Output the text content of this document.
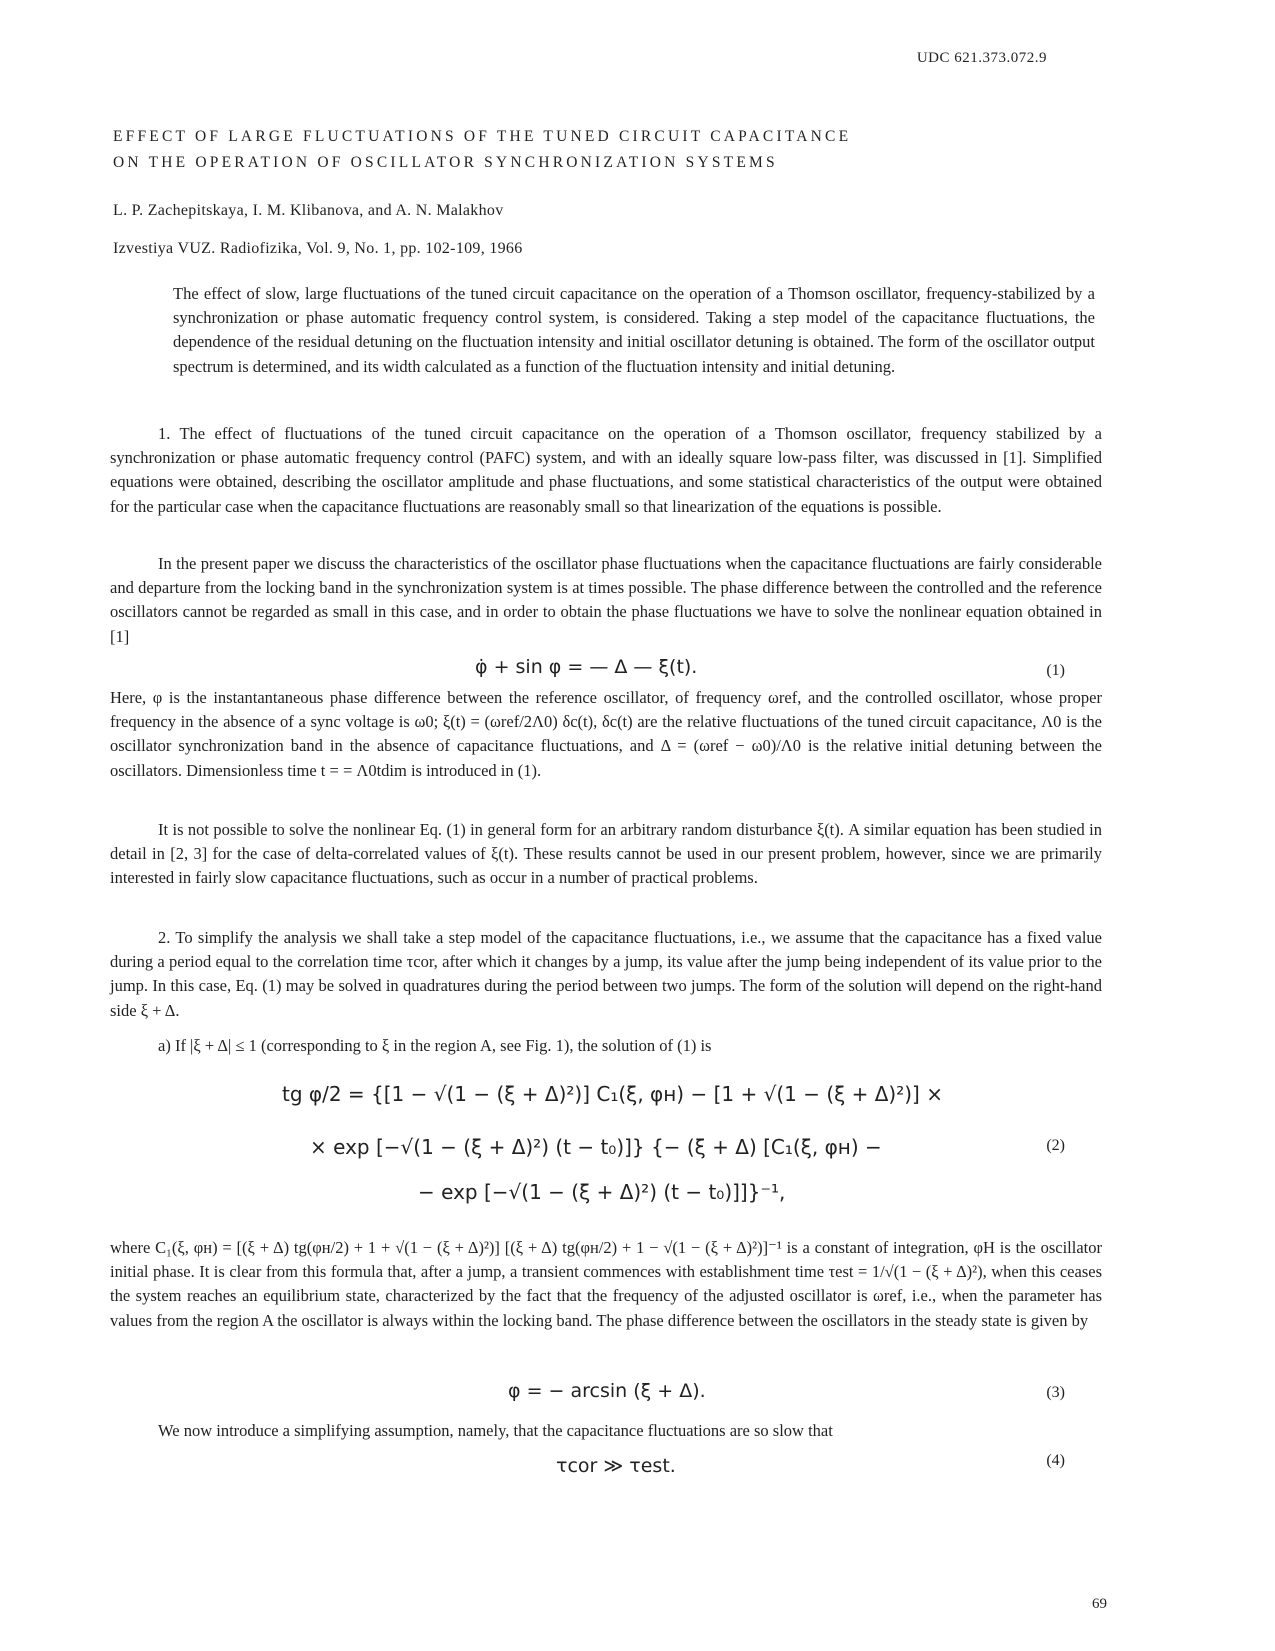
UDC 621.373.072.9
EFFECT OF LARGE FLUCTUATIONS OF THE TUNED CIRCUIT CAPACITANCE
ON THE OPERATION OF OSCILLATOR SYNCHRONIZATION SYSTEMS
L. P. Zachepitskaya, I. M. Klibanova, and A. N. Malakhov
Izvestiya VUZ. Radiofizika, Vol. 9, No. 1, pp. 102-109, 1966

The effect of slow, large fluctuations of the tuned circuit capacitance on the operation of a Thomson oscillator, frequency-stabilized by a synchronization or phase automatic frequency control system, is considered. Taking a step model of the capacitance fluctuations, the dependence of the residual detuning on the fluctuation intensity and initial oscillator detuning is obtained. The form of the oscillator output spectrum is determined, and its width calculated as a function of the fluctuation intensity and initial detuning.

1. The effect of fluctuations of the tuned circuit capacitance on the operation of a Thomson oscillator, frequency stabilized by a synchronization or phase automatic frequency control (PAFC) system, and with an ideally square low-pass filter, was discussed in [1]. Simplified equations were obtained, describing the oscillator amplitude and phase fluctuations, and some statistical characteristics of the output were obtained for the particular case when the capacitance fluctuations are reasonably small so that linearization of the equations is possible.

In the present paper we discuss the characteristics of the oscillator phase fluctuations when the capacitance fluctuations are fairly considerable and departure from the locking band in the synchronization system is at times possible. The phase difference between the controlled and the reference oscillators cannot be regarded as small in this case, and in order to obtain the phase fluctuations we have to solve the nonlinear equation obtained in [1]

φ̇ + sin φ = — Δ — ξ(t).	(1)

Here, φ is the instantantaneous phase difference between the reference oscillator, of frequency ωref, and the controlled oscillator, whose proper frequency in the absence of a sync voltage is ω0; ξ(t) = (ωref/2Λ0) δc(t), δc(t) are the relative fluctuations of the tuned circuit capacitance, Λ0 is the oscillator synchronization band in the absence of capacitance fluctuations, and Δ = (ωref − ω0)/Λ0 is the relative initial detuning between the oscillators. Dimensionless time t = = Λ0tdim is introduced in (1).

It is not possible to solve the nonlinear Eq. (1) in general form for an arbitrary random disturbance ξ(t). A similar equation has been studied in detail in [2, 3] for the case of delta-correlated values of ξ(t). These results cannot be used in our present problem, however, since we are primarily interested in fairly slow capacitance fluctuations, such as occur in a number of practical problems.

2. To simplify the analysis we shall take a step model of the capacitance fluctuations, i.e., we assume that the capacitance has a fixed value during a period equal to the correlation time τcor, after which it changes by a jump, its value after the jump being independent of its value prior to the jump. In this case, Eq. (1) may be solved in quadratures during the period between two jumps. The form of the solution will depend on the right-hand side ξ + Δ.

a) If |ξ + Δ| ≤ 1 (corresponding to ξ in the region A, see Fig. 1), the solution of (1) is

tg φ/2 = {[1 − √(1 − (ξ + Δ)²)] C₁(ξ, φн) − [1 + √(1 − (ξ + Δ)²)] ×
× exp [−√(1 − (ξ + Δ)²) (t − t₀)]} {− (ξ + Δ) [C₁(ξ, φн) −	(2)
− exp [−√(1 − (ξ + Δ)²) (t − t₀)]]}⁻¹,

where C₁(ξ, φн) = [(ξ + Δ) tg(φн/2) + 1 + √(1 − (ξ + Δ)²)] [(ξ + Δ) tg(φн/2) + 1 − √(1 − (ξ + Δ)²)]⁻¹ is a constant of integration, φH is the oscillator initial phase. It is clear from this formula that, after a jump, a transient commences with establishment time τest = 1/√(1 − (ξ + Δ)²), when this ceases the system reaches an equilibrium state, characterized by the fact that the frequency of the adjusted oscillator is ωref, i.e., when the parameter has values from the region A the oscillator is always within the locking band. The phase difference between the oscillators in the steady state is given by

φ = − arcsin (ξ + Δ).	(3)

We now introduce a simplifying assumption, namely, that the capacitance fluctuations are so slow that

τcor ≫ τest.	(4)
69
